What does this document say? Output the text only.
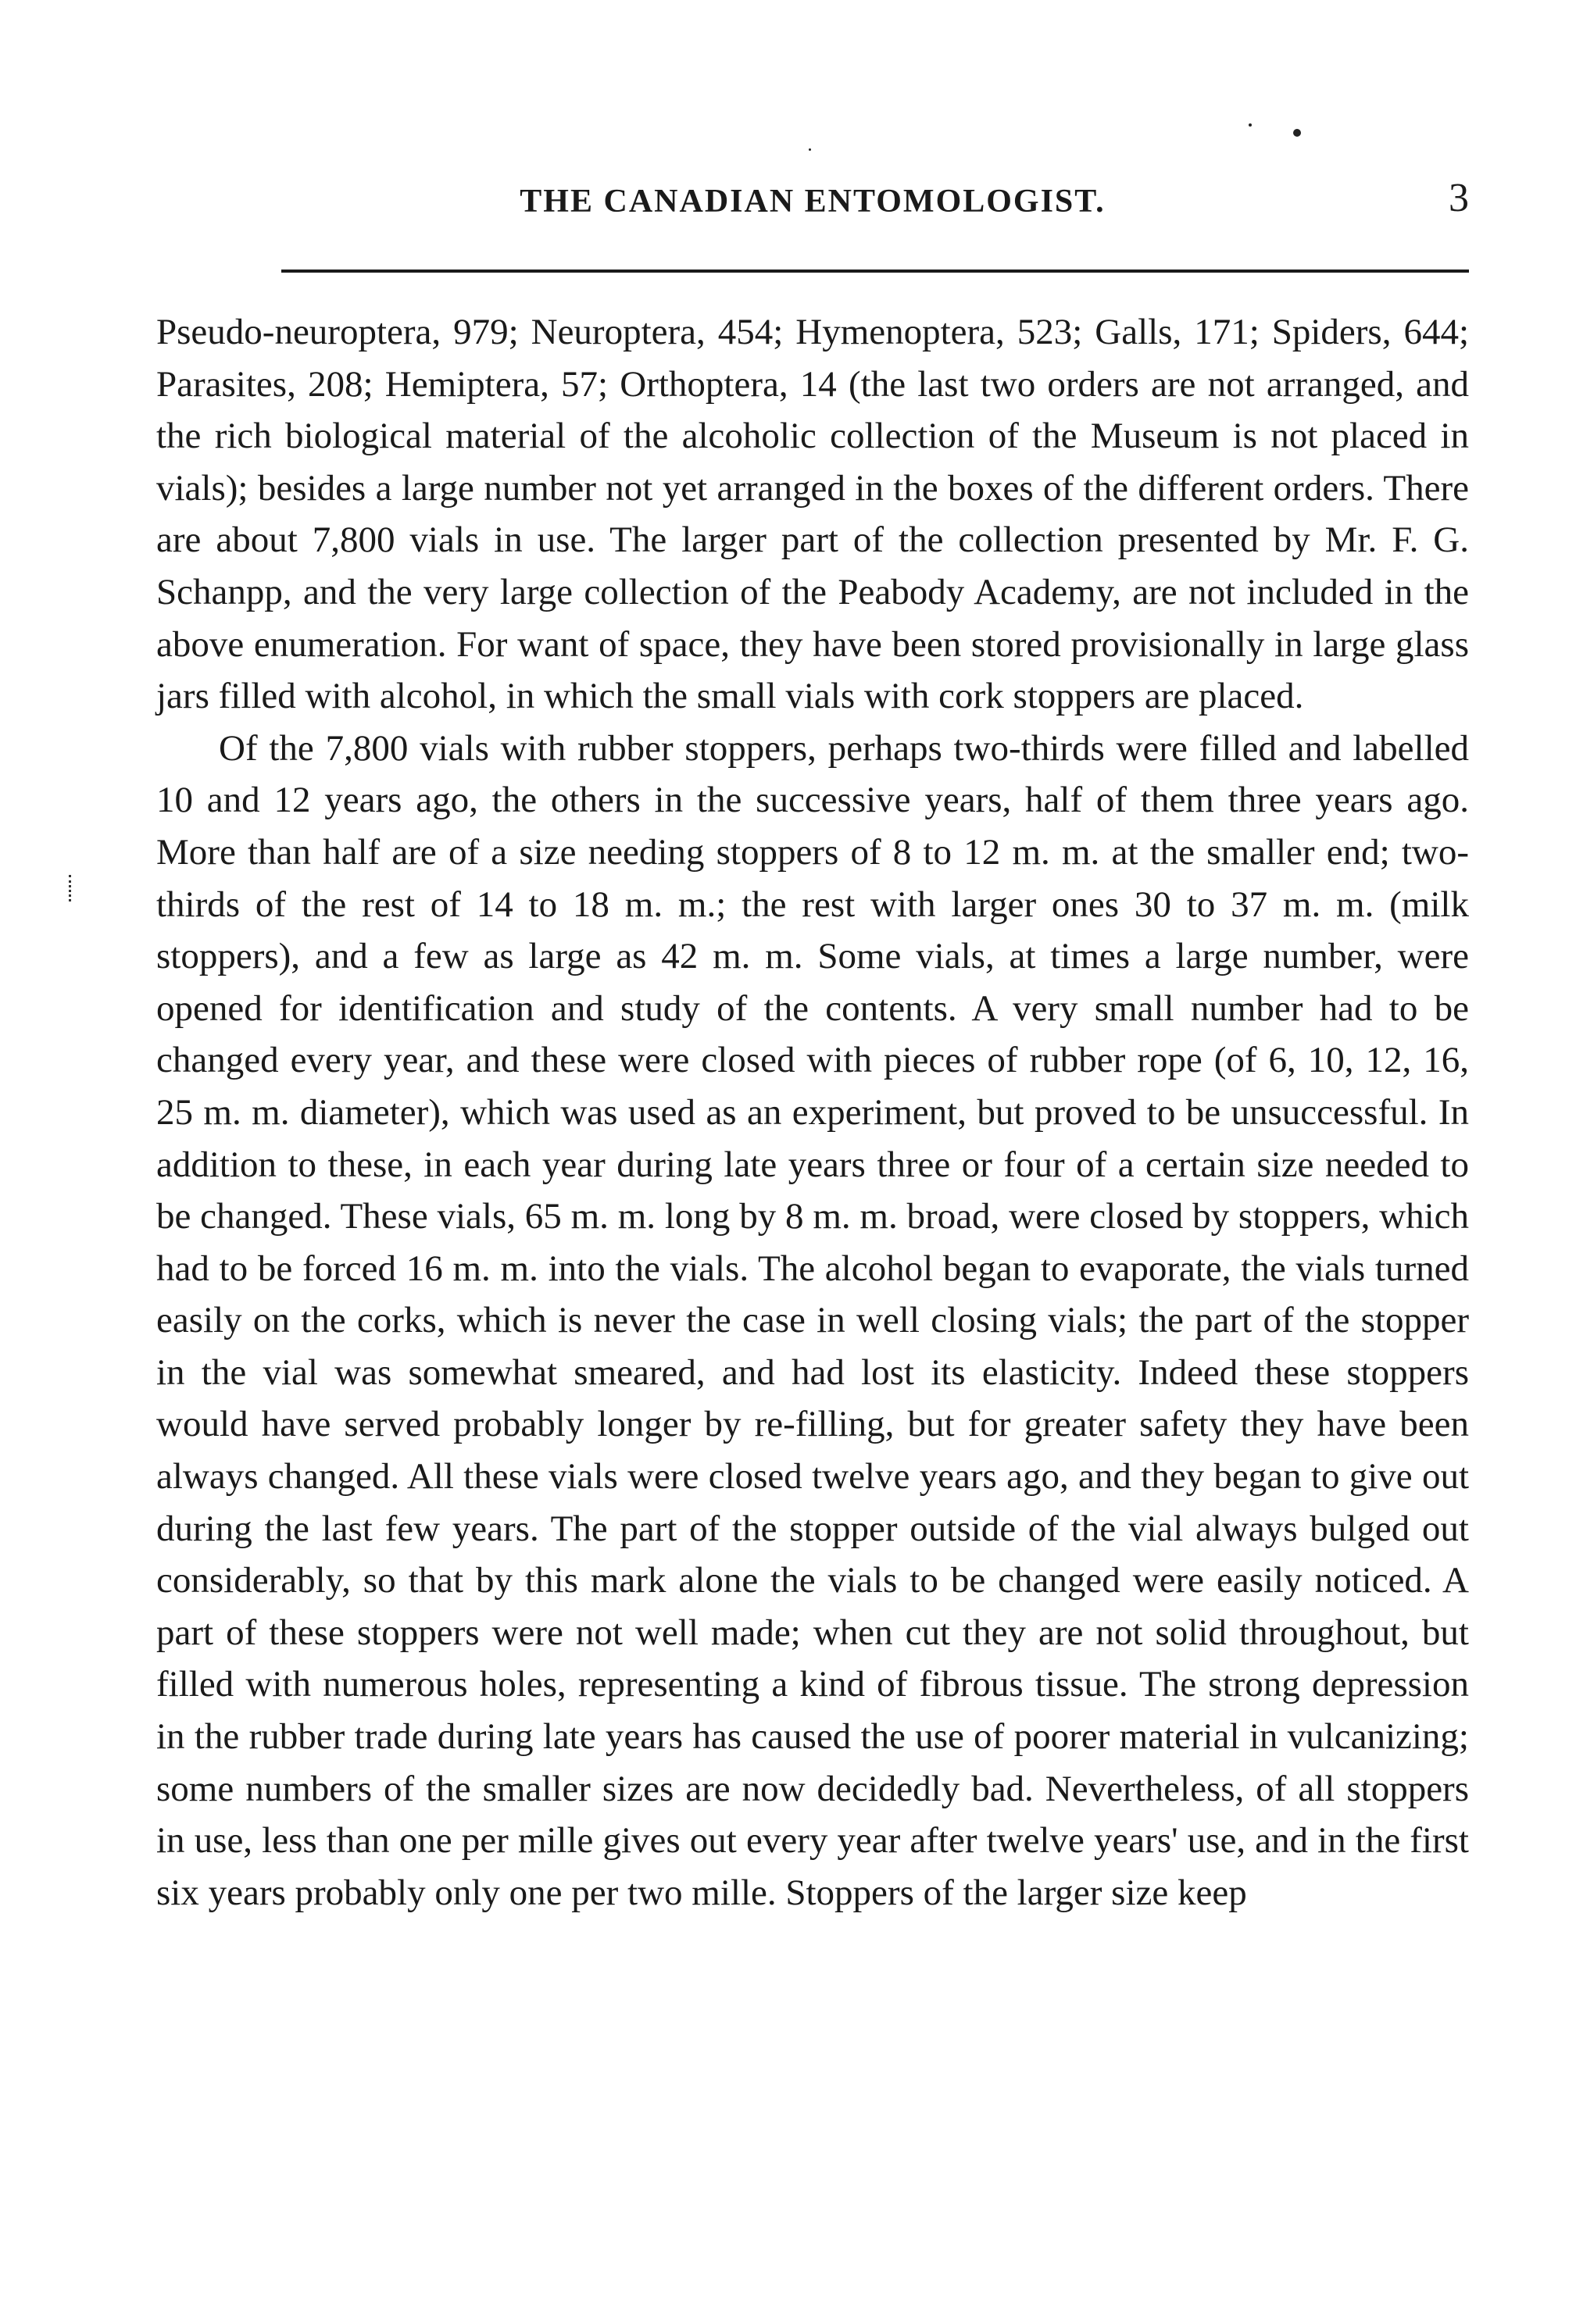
THE CANADIAN ENTOMOLOGIST.	3

Pseudo-neuroptera, 979; Neuroptera, 454; Hymenoptera, 523; Galls, 171; Spiders, 644; Parasites, 208; Hemiptera, 57; Orthoptera, 14 (the last two orders are not arranged, and the rich biological material of the alcoholic collection of the Museum is not placed in vials); besides a large number not yet arranged in the boxes of the different orders. There are about 7,800 vials in use. The larger part of the collection presented by Mr. F. G. Schanpp, and the very large collection of the Peabody Academy, are not included in the above enumeration. For want of space, they have been stored provisionally in large glass jars filled with alcohol, in which the small vials with cork stoppers are placed.

Of the 7,800 vials with rubber stoppers, perhaps two-thirds were filled and labelled 10 and 12 years ago, the others in the successive years, half of them three years ago. More than half are of a size needing stoppers of 8 to 12 m. m. at the smaller end; two-thirds of the rest of 14 to 18 m. m.; the rest with larger ones 30 to 37 m. m. (milk stoppers), and a few as large as 42 m. m. Some vials, at times a large number, were opened for identification and study of the contents. A very small number had to be changed every year, and these were closed with pieces of rubber rope (of 6, 10, 12, 16, 25 m. m. diameter), which was used as an experiment, but proved to be unsuccessful. In addition to these, in each year during late years three or four of a certain size needed to be changed. These vials, 65 m. m. long by 8 m. m. broad, were closed by stoppers, which had to be forced 16 m. m. into the vials. The alcohol began to evaporate, the vials turned easily on the corks, which is never the case in well closing vials; the part of the stopper in the vial was somewhat smeared, and had lost its elasticity. Indeed these stoppers would have served probably longer by re-filling, but for greater safety they have been always changed. All these vials were closed twelve years ago, and they began to give out during the last few years. The part of the stopper outside of the vial always bulged out considerably, so that by this mark alone the vials to be changed were easily noticed. A part of these stoppers were not well made; when cut they are not solid throughout, but filled with numerous holes, representing a kind of fibrous tissue. The strong depression in the rubber trade during late years has caused the use of poorer material in vulcanizing; some numbers of the smaller sizes are now decidedly bad. Nevertheless, of all stoppers in use, less than one per mille gives out every year after twelve years' use, and in the first six years probably only one per two mille. Stoppers of the larger size keep
